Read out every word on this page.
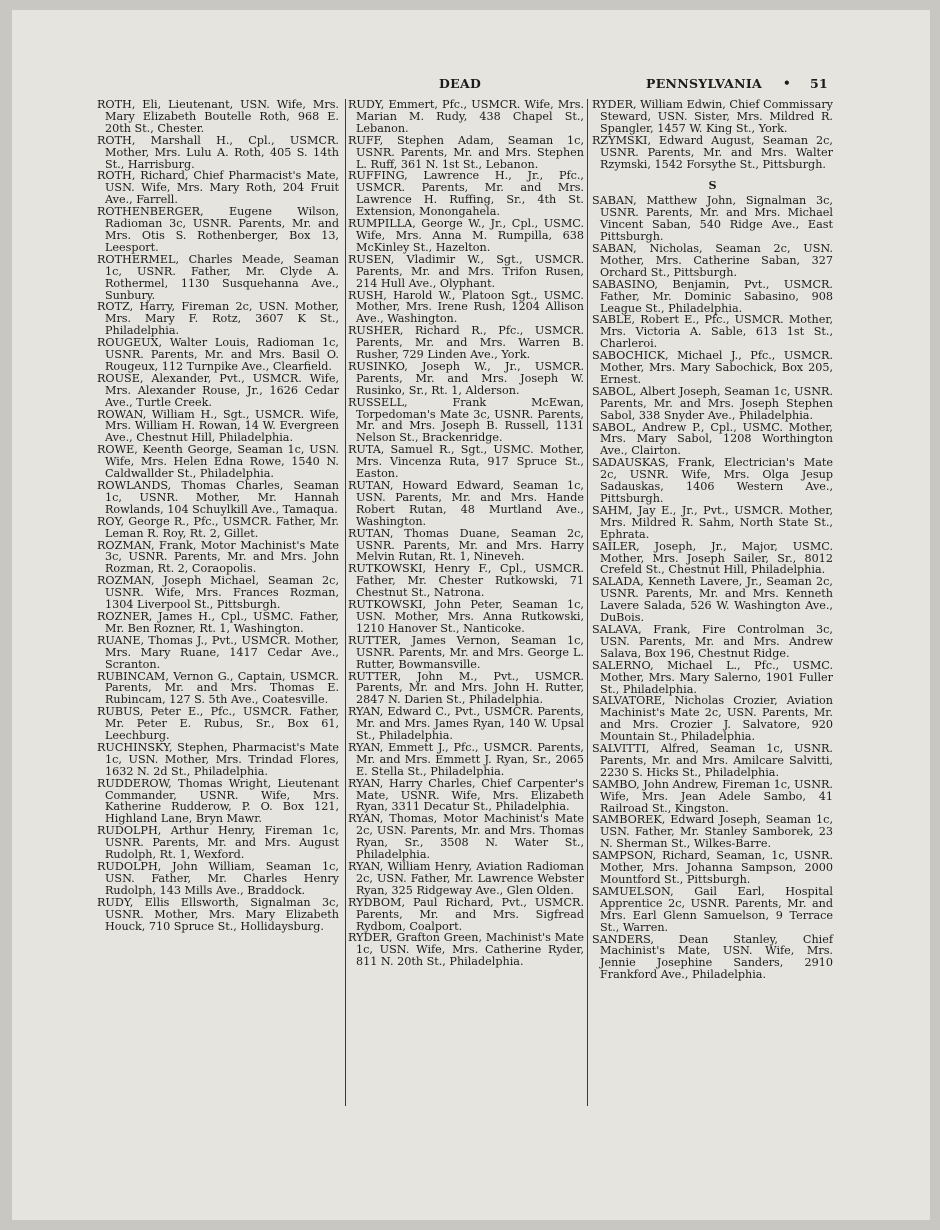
DEAD	PENNSYLVANIA • 51

ROTH, Eli, Lieutenant, USN. Wife, Mrs. Mary Elizabeth Boutelle Roth, 968 E. 20th St., Chester.

ROTH, Marshall H., Cpl., USMCR. Mother, Mrs. Lulu A. Roth, 405 S. 14th St., Harrisburg.

ROTH, Richard, Chief Pharmacist's Mate, USN. Wife, Mrs. Mary Roth, 204 Fruit Ave., Farrell.

ROTHENBERGER, Eugene Wilson, Radioman 3c, USNR. Parents, Mr. and Mrs. Otis S. Rothenberger, Box 13, Leesport.

ROTHERMEL, Charles Meade, Seaman 1c, USNR. Father, Mr. Clyde A. Rothermel, 1130 Susquehanna Ave., Sunbury.

ROTZ, Harry, Fireman 2c, USN. Mother, Mrs. Mary F. Rotz, 3607 K St., Philadelphia.

ROUGEUX, Walter Louis, Radioman 1c, USNR. Parents, Mr. and Mrs. Basil O. Rougeux, 112 Turnpike Ave., Clearfield.

ROUSE, Alexander, Pvt., USMCR. Wife, Mrs. Alexander Rouse, Jr., 1626 Cedar Ave., Turtle Creek.

ROWAN, William H., Sgt., USMCR. Wife, Mrs. William H. Rowan, 14 W. Evergreen Ave., Chestnut Hill, Philadelphia.

ROWE, Keenth George, Seaman 1c, USN. Wife, Mrs. Helen Edna Rowe, 1540 N. Caldwallder St., Philadelphia.

ROWLANDS, Thomas Charles, Seaman 1c, USNR. Mother, Mr. Hannah Rowlands, 104 Schuylkill Ave., Tamaqua.

ROY, George R., Pfc., USMCR. Father, Mr. Leman R. Roy, Rt. 2, Gillet.

ROZMAN, Frank, Motor Machinist's Mate 3c, USNR. Parents, Mr. and Mrs. John Rozman, Rt. 2, Coraopolis.

ROZMAN, Joseph Michael, Seaman 2c, USNR. Wife, Mrs. Frances Rozman, 1304 Liverpool St., Pittsburgh.

ROZNER, James H., Cpl., USMC. Father, Mr. Ben Rozner, Rt. 1, Washington.

RUANE, Thomas J., Pvt., USMCR. Mother, Mrs. Mary Ruane, 1417 Cedar Ave., Scranton.

RUBINCAM, Vernon G., Captain, USMCR. Parents, Mr. and Mrs. Thomas E. Rubincam, 127 S. 5th Ave., Coatesville.

RUBUS, Peter E., Pfc., USMCR. Father, Mr. Peter E. Rubus, Sr., Box 61, Leechburg.

RUCHINSKY, Stephen, Pharmacist's Mate 1c, USN. Mother, Mrs. Trindad Flores, 1632 N. 2d St., Philadelphia.

RUDDEROW, Thomas Wright, Lieutenant Commander, USNR. Wife, Mrs. Katherine Rudderow, P. O. Box 121, Highland Lane, Bryn Mawr.

RUDOLPH, Arthur Henry, Fireman 1c, USNR. Parents, Mr. and Mrs. August Rudolph, Rt. 1, Wexford.

RUDOLPH, John William, Seaman 1c, USN. Father, Mr. Charles Henry Rudolph, 143 Mills Ave., Braddock.

RUDY, Ellis Ellsworth, Signalman 3c, USNR. Mother, Mrs. Mary Elizabeth Houck, 710 Spruce St., Hollidaysburg.

RUDY, Emmert, Pfc., USMCR. Wife, Mrs. Marian M. Rudy, 438 Chapel St., Lebanon.

RUFF, Stephen Adam, Seaman 1c, USNR. Parents, Mr. and Mrs. Stephen L. Ruff, 361 N. 1st St., Lebanon.

RUFFING, Lawrence H., Jr., Pfc., USMCR. Parents, Mr. and Mrs. Lawrence H. Ruffing, Sr., 4th St. Extension, Monongahela.

RUMPILLA, George W., Jr., Cpl., USMC. Wife, Mrs. Anna M. Rumpilla, 638 McKinley St., Hazelton.

RUSEN, Vladimir W., Sgt., USMCR. Parents, Mr. and Mrs. Trifon Rusen, 214 Hull Ave., Olyphant.

RUSH, Harold W., Platoon Sgt., USMC. Mother, Mrs. Irene Rush, 1204 Allison Ave., Washington.

RUSHER, Richard R., Pfc., USMCR. Parents, Mr. and Mrs. Warren B. Rusher, 729 Linden Ave., York.

RUSINKO, Joseph W., Jr., USMCR. Parents, Mr. and Mrs. Joseph W. Rusinko, Sr., Rt. 1, Alderson.

RUSSELL, Frank McEwan, Torpedoman's Mate 3c, USNR. Parents, Mr. and Mrs. Joseph B. Russell, 1131 Nelson St., Brackenridge.

RUTA, Samuel R., Sgt., USMC. Mother, Mrs. Vincenza Ruta, 917 Spruce St., Easton.

RUTAN, Howard Edward, Seaman 1c, USN. Parents, Mr. and Mrs. Hande Robert Rutan, 48 Murtland Ave., Washington.

RUTAN, Thomas Duane, Seaman 2c, USNR. Parents, Mr. and Mrs. Harry Melvin Rutan, Rt. 1, Nineveh.

RUTKOWSKI, Henry F., Cpl., USMCR. Father, Mr. Chester Rutkowski, 71 Chestnut St., Natrona.

RUTKOWSKI, John Peter, Seaman 1c, USN. Mother, Mrs. Anna Rutkowski, 1210 Hanover St., Nanticoke.

RUTTER, James Vernon, Seaman 1c, USNR. Parents, Mr. and Mrs. George L. Rutter, Bowmansville.

RUTTER, John M., Pvt., USMCR. Parents, Mr. and Mrs. John H. Rutter, 2847 N. Darien St., Philadelphia.

RYAN, Edward C., Pvt., USMCR. Parents, Mr. and Mrs. James Ryan, 140 W. Upsal St., Philadelphia.

RYAN, Emmett J., Pfc., USMCR. Parents, Mr. and Mrs. Emmett J. Ryan, Sr., 2065 E. Stella St., Philadelphia.

RYAN, Harry Charles, Chief Carpenter's Mate, USNR. Wife, Mrs. Elizabeth Ryan, 3311 Decatur St., Philadelphia.

RYAN, Thomas, Motor Machinist's Mate 2c, USN. Parents, Mr. and Mrs. Thomas Ryan, Sr., 3508 N. Water St., Philadelphia.

RYAN, William Henry, Aviation Radioman 2c, USN. Father, Mr. Lawrence Webster Ryan, 325 Ridgeway Ave., Glen Olden.

RYDBOM, Paul Richard, Pvt., USMCR. Parents, Mr. and Mrs. Sigfread Rydbom, Coalport.

RYDER, Grafton Green, Machinist's Mate 1c, USN. Wife, Mrs. Catherine Ryder, 811 N. 20th St., Philadelphia.

RYDER, William Edwin, Chief Commissary Steward, USN. Sister, Mrs. Mildred R. Spangler, 1457 W. King St., York.

RZYMSKI, Edward August, Seaman 2c, USNR. Parents, Mr. and Mrs. Walter Rzymski, 1542 Forsythe St., Pittsburgh.

S

SABAN, Matthew John, Signalman 3c, USNR. Parents, Mr. and Mrs. Michael Vincent Saban, 540 Ridge Ave., East Pittsburgh.

SABAN, Nicholas, Seaman 2c, USN. Mother, Mrs. Catherine Saban, 327 Orchard St., Pittsburgh.

SABASINO, Benjamin, Pvt., USMCR. Father, Mr. Dominic Sabasino, 908 League St., Philadelphia.

SABLE, Robert E., Pfc., USMCR. Mother, Mrs. Victoria A. Sable, 613 1st St., Charleroi.

SABOCHICK, Michael J., Pfc., USMCR. Mother, Mrs. Mary Sabochick, Box 205, Ernest.

SABOL, Albert Joseph, Seaman 1c, USNR. Parents, Mr. and Mrs. Joseph Stephen Sabol, 338 Snyder Ave., Philadelphia.

SABOL, Andrew P., Cpl., USMC. Mother, Mrs. Mary Sabol, 1208 Worthington Ave., Clairton.

SADAUSKAS, Frank, Electrician's Mate 2c, USNR. Wife, Mrs. Olga Jesup Sadauskas, 1406 Western Ave., Pittsburgh.

SAHM, Jay E., Jr., Pvt., USMCR. Mother, Mrs. Mildred R. Sahm, North State St., Ephrata.

SAILER, Joseph, Jr., Major, USMC. Mother, Mrs. Joseph Sailer, Sr., 8012 Crefeld St., Chestnut Hill, Philadelphia.

SALADA, Kenneth Lavere, Jr., Seaman 2c, USNR. Parents, Mr. and Mrs. Kenneth Lavere Salada, 526 W. Washington Ave., DuBois.

SALAVA, Frank, Fire Controlman 3c, USN. Parents, Mr. and Mrs. Andrew Salava, Box 196, Chestnut Ridge.

SALERNO, Michael L., Pfc., USMC. Mother, Mrs. Mary Salerno, 1901 Fuller St., Philadelphia.

SALVATORE, Nicholas Crozier, Aviation Machinist's Mate 2c, USN. Parents, Mr. and Mrs. Crozier J. Salvatore, 920 Mountain St., Philadelphia.

SALVITTI, Alfred, Seaman 1c, USNR. Parents, Mr. and Mrs. Amilcare Salvitti, 2230 S. Hicks St., Philadelphia.

SAMBO, John Andrew, Fireman 1c, USNR. Wife, Mrs. Jean Adele Sambo, 41 Railroad St., Kingston.

SAMBOREK, Edward Joseph, Seaman 1c, USN. Father, Mr. Stanley Samborek, 23 N. Sherman St., Wilkes-Barre.

SAMPSON, Richard, Seaman, 1c, USNR. Mother, Mrs. Johanna Sampson, 2000 Mountford St., Pittsburgh.

SAMUELSON, Gail Earl, Hospital Apprentice 2c, USNR. Parents, Mr. and Mrs. Earl Glenn Samuelson, 9 Terrace St., Warren.

SANDERS, Dean Stanley, Chief Machinist's Mate, USN. Wife, Mrs. Jennie Josephine Sanders, 2910 Frankford Ave., Philadelphia.
